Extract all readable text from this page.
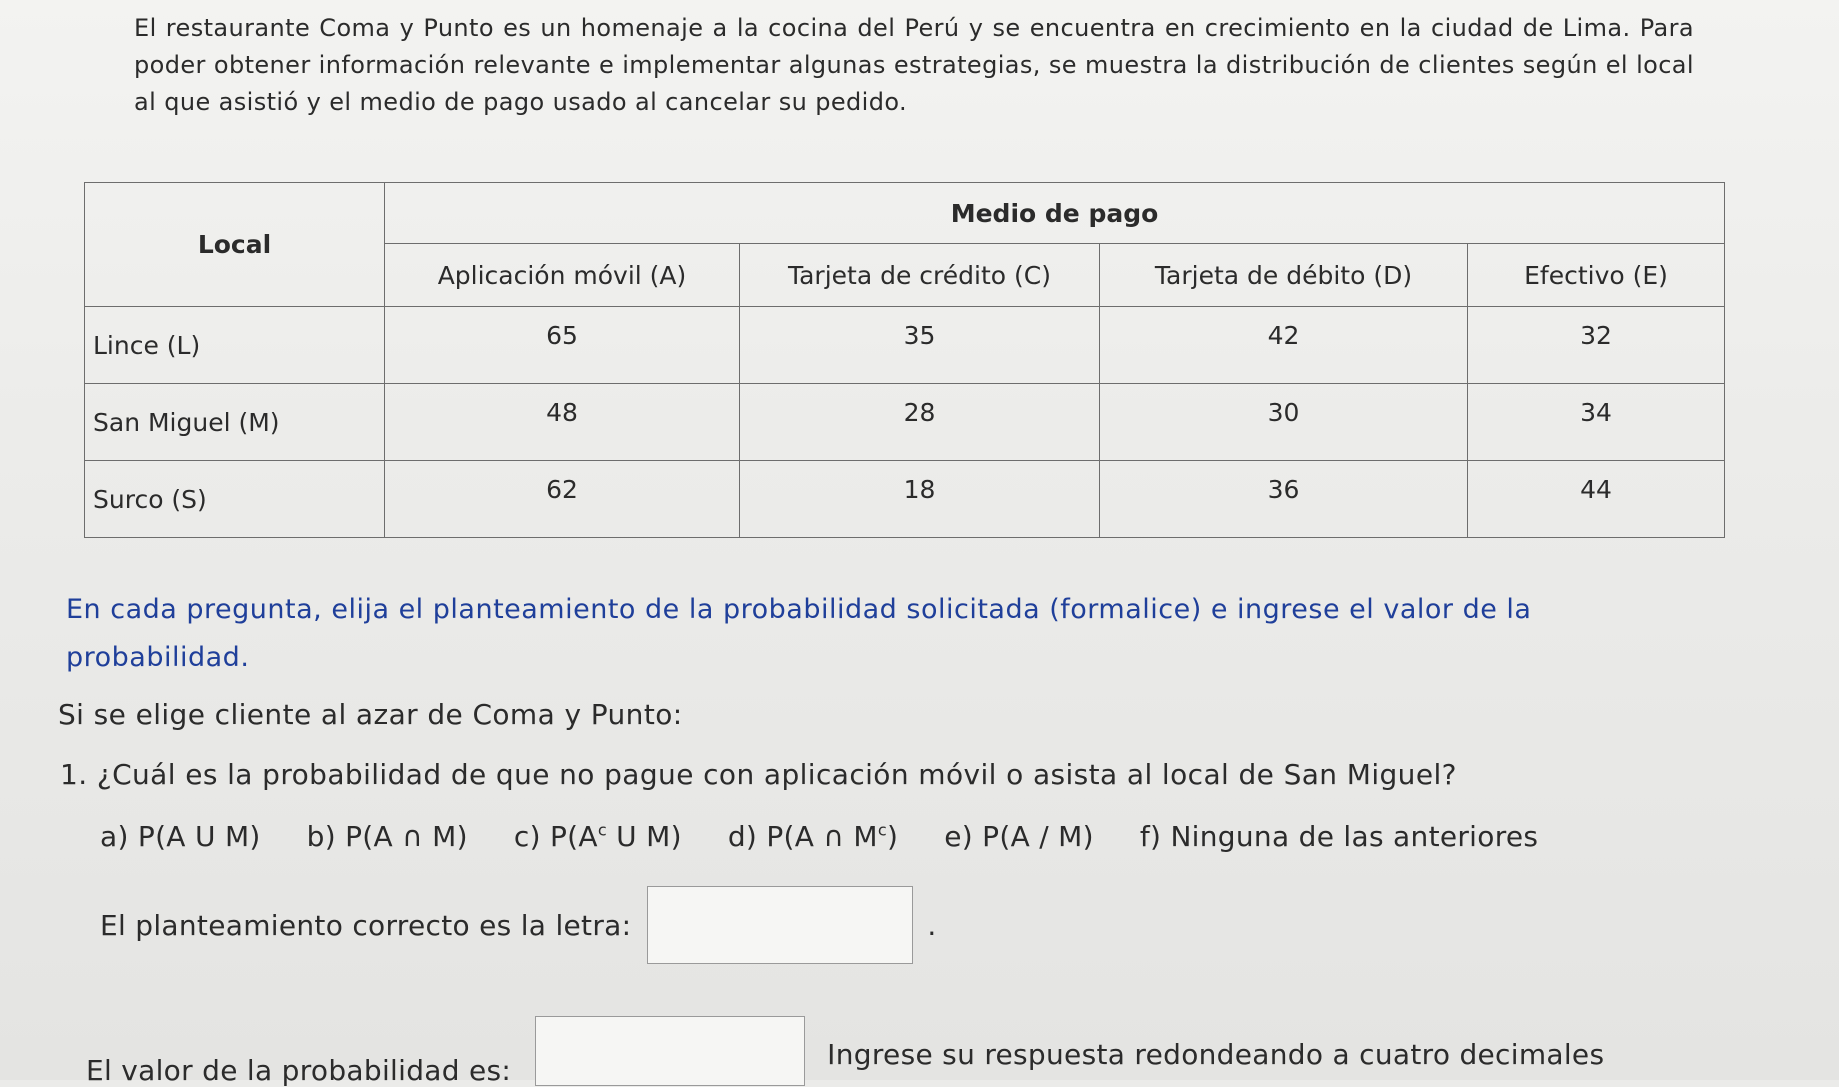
El restaurante Coma y Punto es un homenaje a la cocina del Perú y se encuentra en crecimiento en la ciudad de Lima. Para poder obtener información relevante e implementar algunas estrategias, se muestra la distribución de clientes según el local al que asistió y el medio de pago usado al cancelar su pedido.

Local	Medio de pago			
	Aplicación móvil (A)	Tarjeta de crédito (C)	Tarjeta de débito (D)	Efectivo (E)
Lince (L)	65	35	42	32
San Miguel (M)	48	28	30	34
Surco (S)	62	18	36	44
En cada pregunta, elija el planteamiento de la probabilidad solicitada (formalice) e ingrese el valor de la
probabilidad.
Si se elige cliente al azar de Coma y Punto:
1. ¿Cuál es la probabilidad de que no pague con aplicación móvil o asista al local de San Miguel?
a) P(A U M) b) P(A ∩ M) c) $P(A^c$ U M) d) P(A ∩ $M^c$) e) P(A / M) f) Ninguna de las anteriores
El planteamiento correcto es la letra:	.
El valor de la probabilidad es:	Ingrese su respuesta redondeando a cuatro decimales
